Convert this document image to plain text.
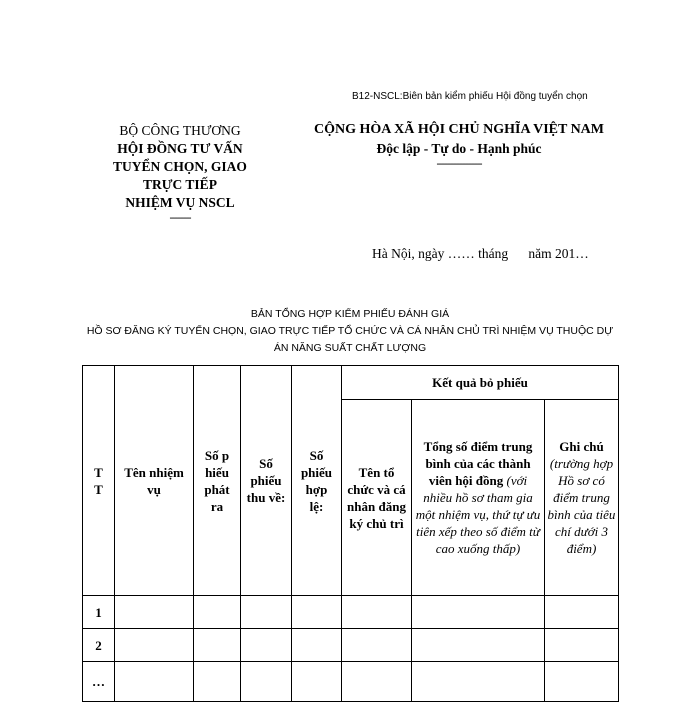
B12-NSCL:Biên bản kiểm phiếu Hội đồng tuyển chọn
BỘ CÔNG THƯƠNG
HỘI ĐỒNG TƯ VẤN
TUYỂN CHỌN, GIAO
TRỰC TIẾP
NHIỆM VỤ NSCL
-------
CỘNG HÒA XÃ HỘI CHỦ NGHĨA VIỆT NAM
Độc lập - Tự do - Hạnh phúc
---------------
Hà Nội, ngày …… tháng năm 201…
BẢN TỔNG HỢP KIỂM PHIẾU ĐÁNH GIÁ
HỒ SƠ ĐĂNG KÝ TUYỂN CHỌN, GIAO TRỰC TIẾP TỔ CHỨC VÀ CÁ NHÂN CHỦ TRÌ NHIỆM VỤ THUỘC DỰ
ÁN NĂNG SUẤT CHẤT LƯỢNG
TT	Tên nhiệm vụ	Số phiếu phát ra	Số phiếu thu về:	Số phiếu hợp lệ:	Kết quả bỏ phiếu		
					Tên tổ chức và cá nhân đăng ký chủ trì	Tổng số điểm trung bình của các thành viên hội đồng (với nhiều hồ sơ tham gia một nhiệm vụ, thứ tự ưu tiên xếp theo số điểm từ cao xuống thấp)	Ghi chú (trường hợp Hồ sơ có điểm trung bình của tiêu chí dưới 3 điểm)
1							
2							
…							
